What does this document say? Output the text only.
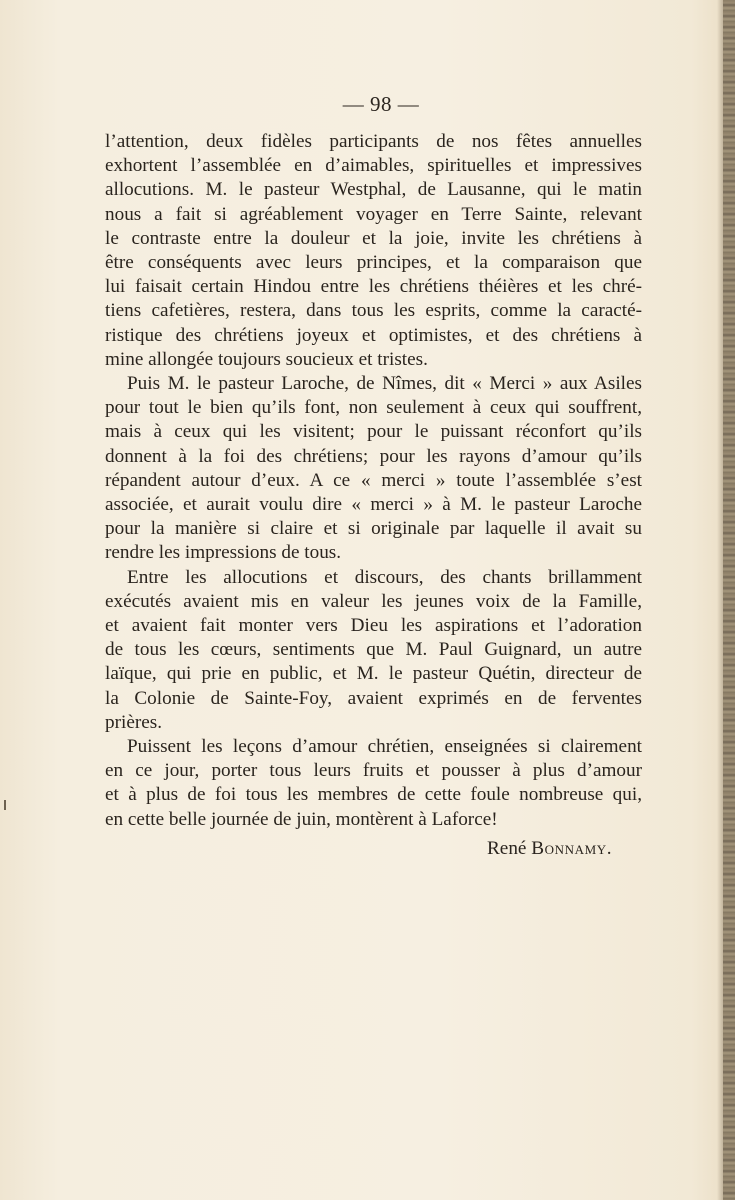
— 98 —
l’attention, deux fidèles participants de nos fêtes annuelles
exhortent l’assemblée en d’aimables, spirituelles et impressives
allocutions. M. le pasteur Westphal, de Lausanne, qui le matin
nous a fait si agréablement voyager en Terre Sainte, relevant
le contraste entre la douleur et la joie, invite les chrétiens à
être conséquents avec leurs principes, et la comparaison que
lui faisait certain Hindou entre les chrétiens théières et les chré-
tiens cafetières, restera, dans tous les esprits, comme la caracté-
ristique des chrétiens joyeux et optimistes, et des chrétiens à
mine allongée toujours soucieux et tristes.
Puis M. le pasteur Laroche, de Nîmes, dit « Merci » aux Asiles
pour tout le bien qu’ils font, non seulement à ceux qui souffrent,
mais à ceux qui les visitent; pour le puissant réconfort qu’ils
donnent à la foi des chrétiens; pour les rayons d’amour qu’ils
répandent autour d’eux. A ce « merci » toute l’assemblée s’est
associée, et aurait voulu dire « merci » à M. le pasteur Laroche
pour la manière si claire et si originale par laquelle il avait su
rendre les impressions de tous.
Entre les allocutions et discours, des chants brillamment
exécutés avaient mis en valeur les jeunes voix de la Famille,
et avaient fait monter vers Dieu les aspirations et l’adoration
de tous les cœurs, sentiments que M. Paul Guignard, un autre
laïque, qui prie en public, et M. le pasteur Quétin, directeur de
la Colonie de Sainte-Foy, avaient exprimés en de ferventes
prières.
Puissent les leçons d’amour chrétien, enseignées si clairement
en ce jour, porter tous leurs fruits et pousser à plus d’amour
et à plus de foi tous les membres de cette foule nombreuse qui,
en cette belle journée de juin, montèrent à Laforce!
René Bonnamy.
